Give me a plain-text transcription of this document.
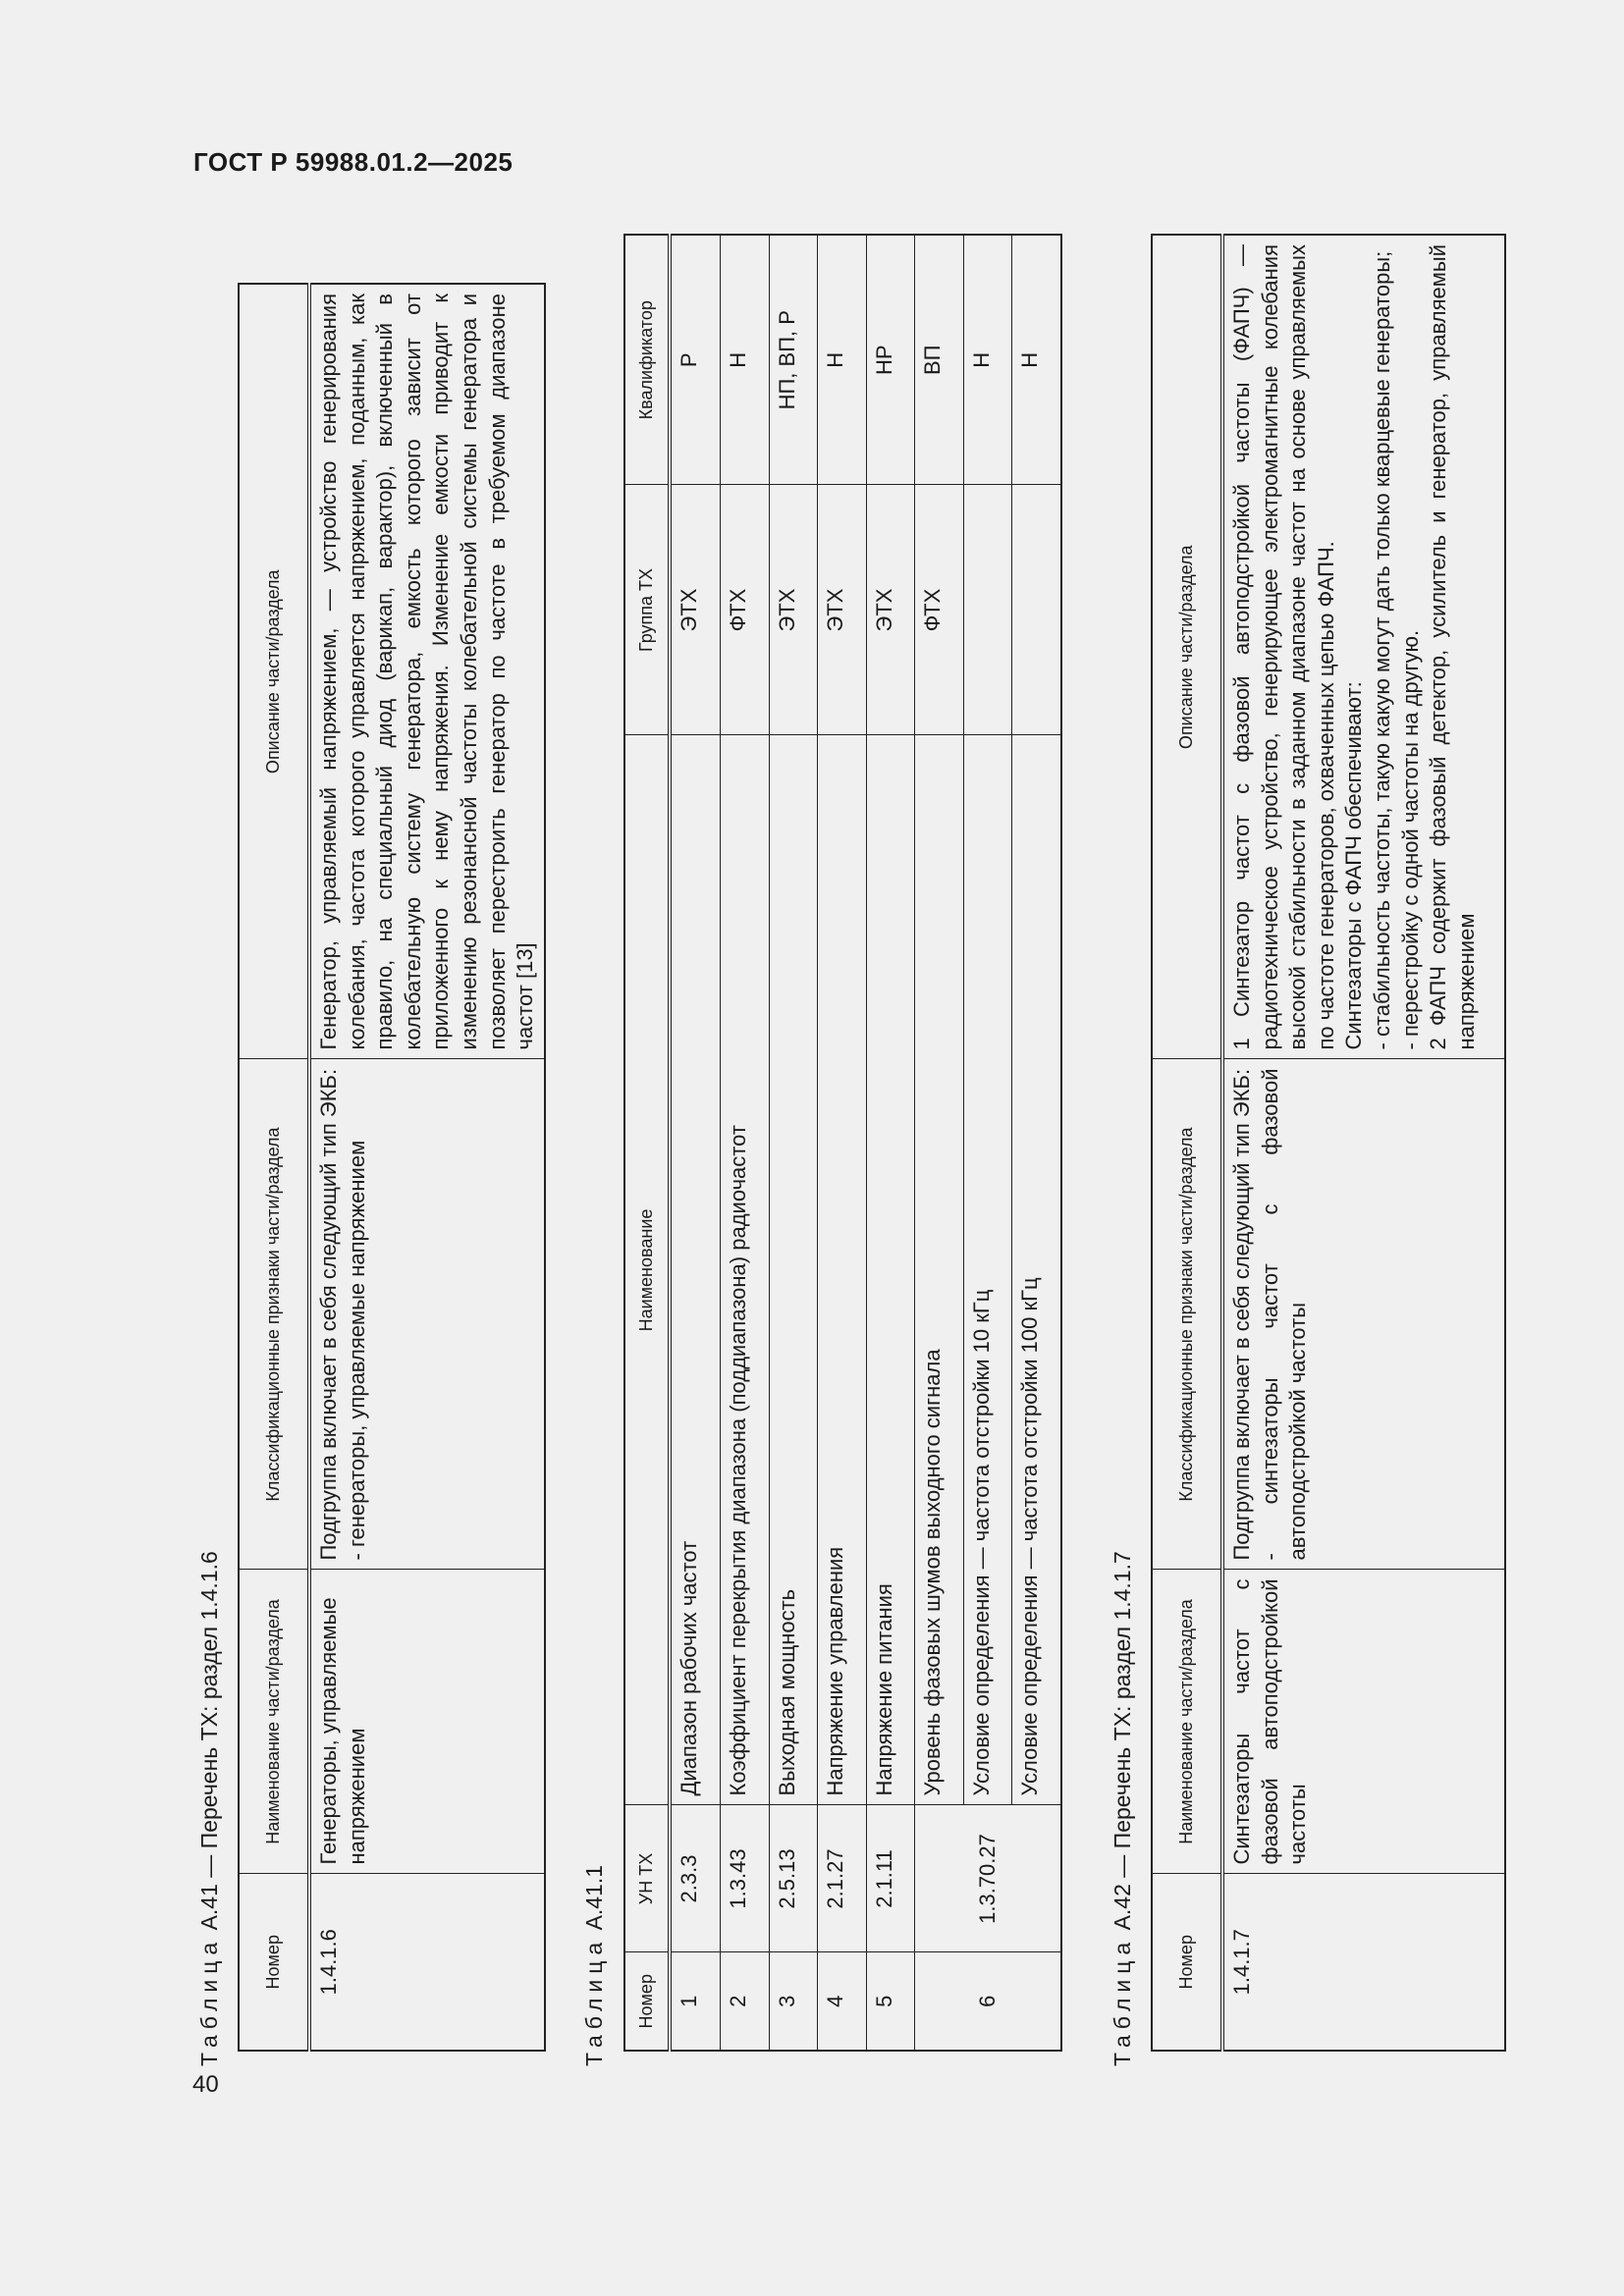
ГОСТ Р 59988.01.2—2025
Таблица А.41 — Перечень ТХ: раздел 1.4.1.6
Номер	Наименование части/раздела	Классификационные признаки части/раздела	Описание части/раздела
1.4.1.6	Генераторы, управляемые напряжением	Подгруппа включает в себя следующий тип ЭКБ: - генераторы, управляемые напряжением	Генератор, управляемый напряжением, — устройство генерирования колебания, частота которого управляется напряжением, поданным, как правило, на специальный диод (варикап, варактор), включенный в колебательную систему генератора, емкость которого зависит от приложенного к нему напряжения. Изменение емкости приводит к изменению резонансной частоты колебательной системы генератора и позволяет перестроить генератор по частоте в требуемом диапазоне частот [13]
Таблица А.41.1
Номер	УН ТХ	Наименование	Группа ТХ	Квалификатор
1	2.3.3	Диапазон рабочих частот	ЭТХ	Р
2	1.3.43	Коэффициент перекрытия диапазона (поддиапазона) радиочастот	ФТХ	Н
3	2.5.13	Выходная мощность	ЭТХ	НП, ВП, Р
4	2.1.27	Напряжение управления	ЭТХ	Н
5	2.1.11	Напряжение питания	ЭТХ	НР
6	1.3.70.27	Уровень фазовых шумов выходного сигнала	ФТХ	ВП
		Условие определения — частота отстройки 10 кГц		Н
		Условие определения — частота отстройки 100 кГц		Н
Таблица А.42 — Перечень ТХ: раздел 1.4.1.7
Номер	Наименование части/раздела	Классификационные признаки части/раздела	Описание части/раздела
1.4.1.7	Синтезаторы частот с фазовой автоподстройкой частоты	Подгруппа включает в себя следующий тип ЭКБ: - синтезаторы частот с фазовой автоподстройкой частоты	1 Синтезатор частот с фазовой автоподстройкой частоты (ФАПЧ) — радиотехническое устройство, генерирующее электромагнитные колебания высокой стабильности в заданном диапазоне частот на основе управляемых по частоте генераторов, охваченных цепью ФАПЧ. Синтезаторы с ФАПЧ обеспечивают: - стабильность частоты, такую какую могут дать только кварцевые генераторы; - перестройку с одной частоты на другую. 2 ФАПЧ содержит фазовый детектор, усилитель и генератор, управляемый напряжением
40
